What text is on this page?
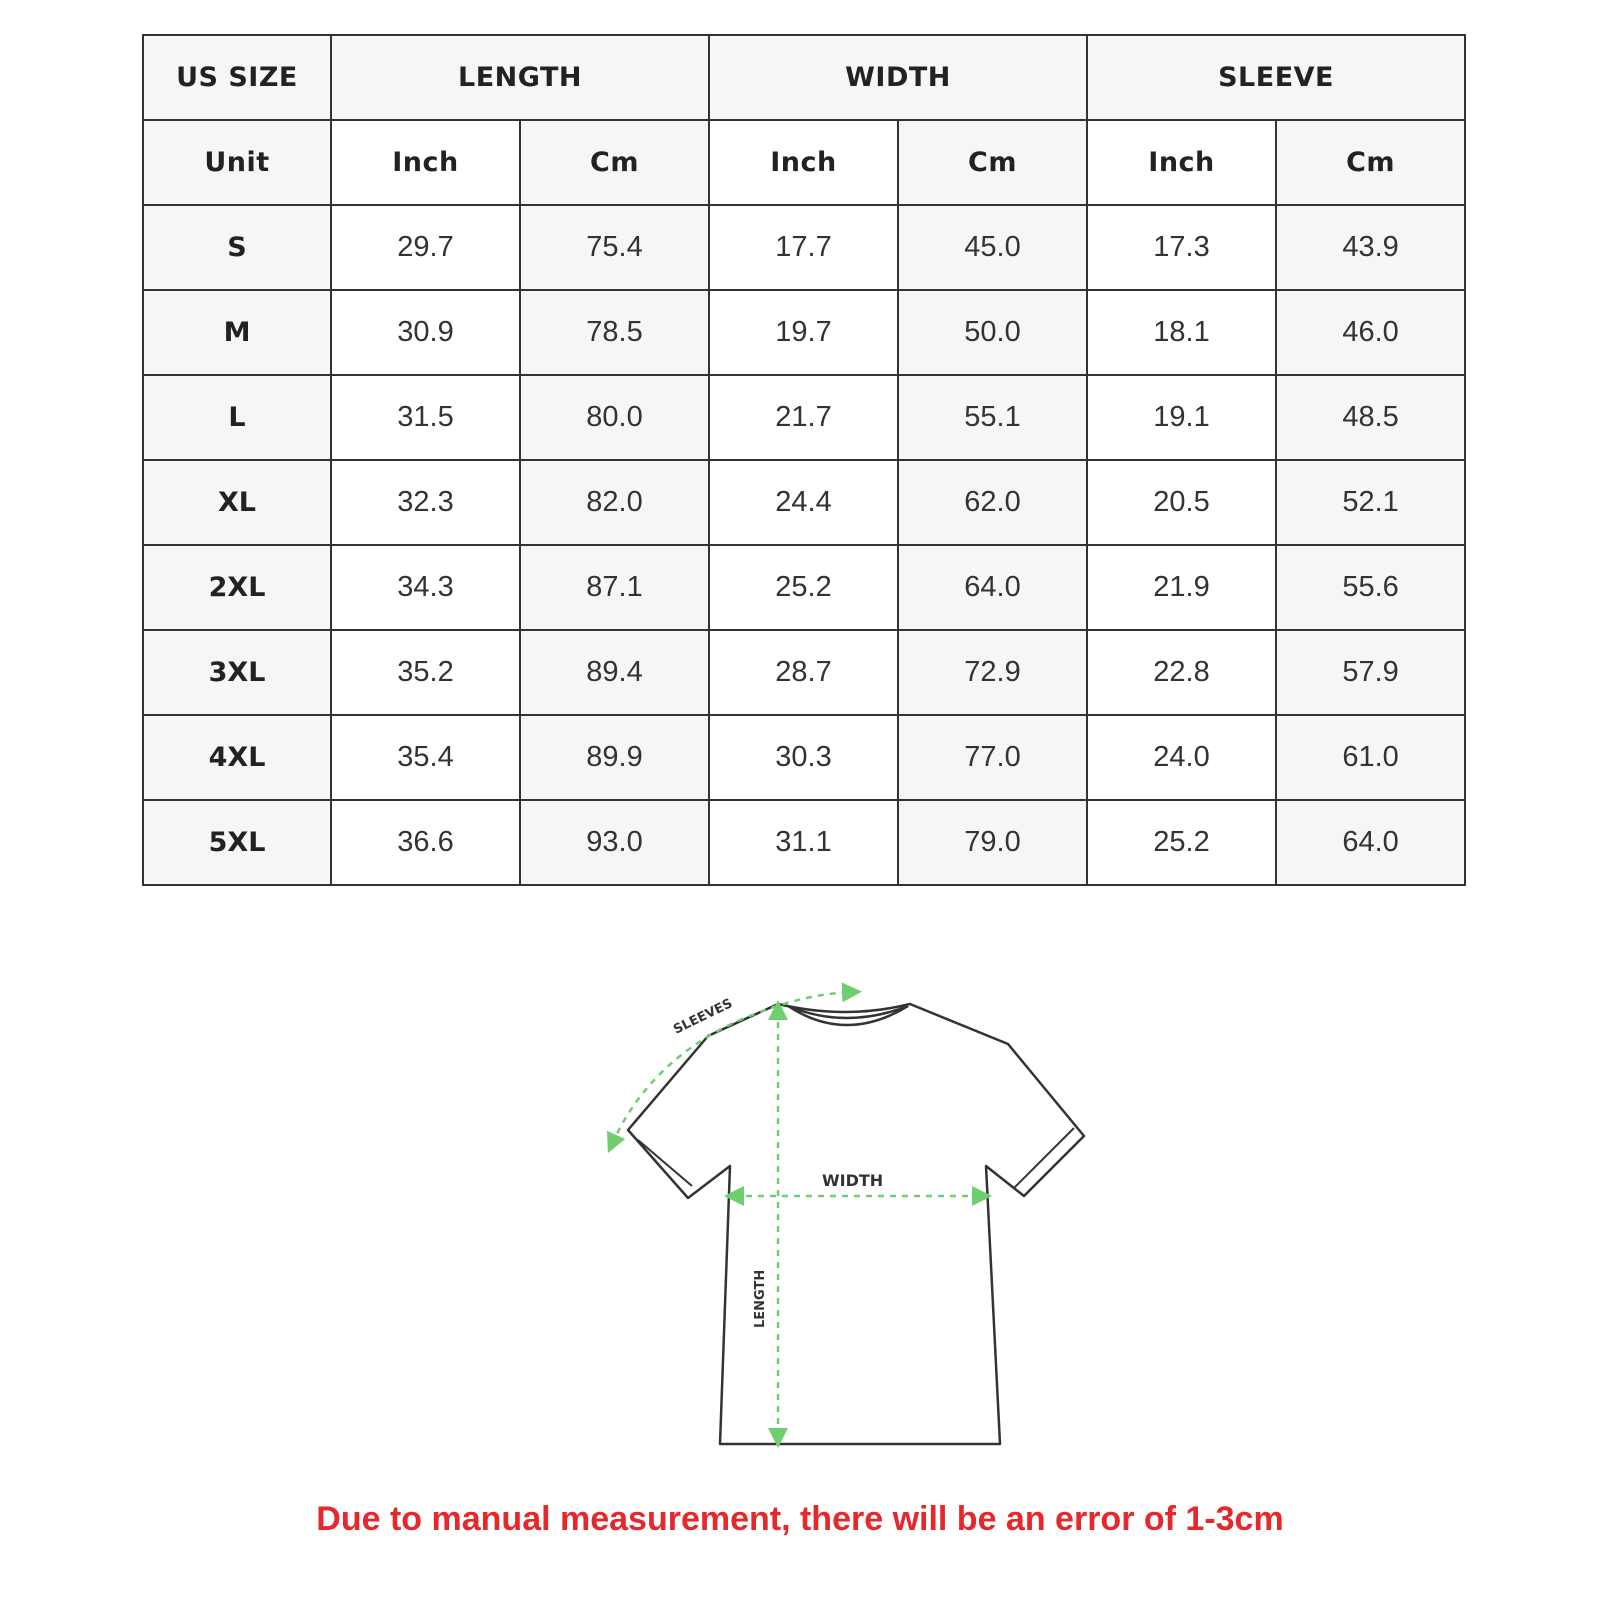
US SIZE	LENGTH		WIDTH		SLEEVE	
Unit	Inch	Cm	Inch	Cm	Inch	Cm
S	29.7	75.4	17.7	45.0	17.3	43.9
M	30.9	78.5	19.7	50.0	18.1	46.0
L	31.5	80.0	21.7	55.1	19.1	48.5
XL	32.3	82.0	24.4	62.0	20.5	52.1
2XL	34.3	87.1	25.2	64.0	21.9	55.6
3XL	35.2	89.4	28.7	72.9	22.8	57.9
4XL	35.4	89.9	30.3	77.0	24.0	61.0
5XL	36.6	93.0	31.1	79.0	25.2	64.0
SLEEVES
WIDTH
LENGTH
Due to manual measurement, there will be an error of 1-3cm
